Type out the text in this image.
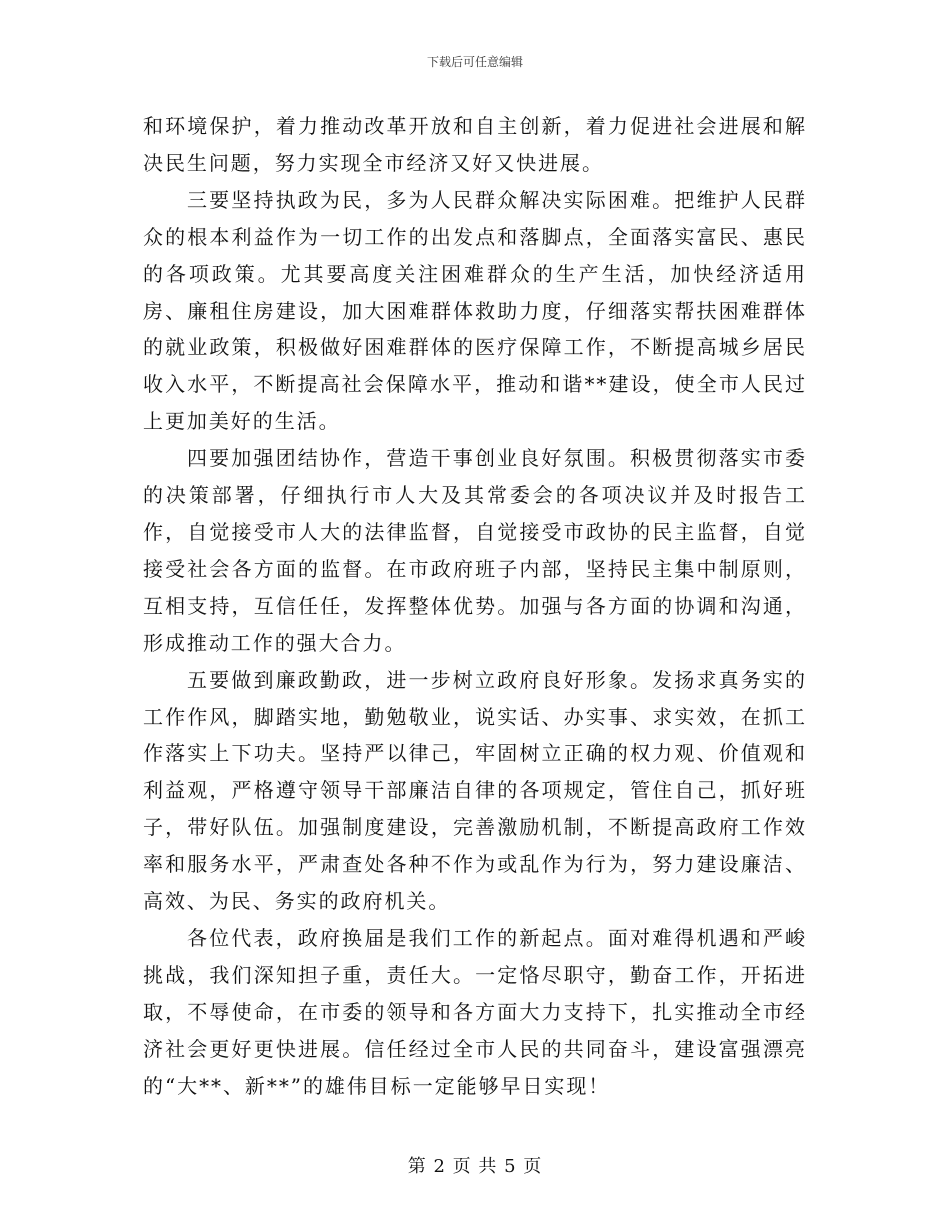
下载后可任意编辑

和环境保护，着力推动改革开放和自主创新，着力促进社会进展和解决民生问题，努力实现全市经济又好又快进展。

三要坚持执政为民，多为人民群众解决实际困难。把维护人民群众的根本利益作为一切工作的出发点和落脚点，全面落实富民、惠民的各项政策。尤其要高度关注困难群众的生产生活，加快经济适用房、廉租住房建设，加大困难群体救助力度，仔细落实帮扶困难群体的就业政策，积极做好困难群体的医疗保障工作，不断提高城乡居民收入水平，不断提高社会保障水平，推动和谐**建设，使全市人民过上更加美好的生活。

四要加强团结协作，营造干事创业良好氛围。积极贯彻落实市委的决策部署，仔细执行市人大及其常委会的各项决议并及时报告工作，自觉接受市人大的法律监督，自觉接受市政协的民主监督，自觉接受社会各方面的监督。在市政府班子内部，坚持民主集中制原则，互相支持，互信任任，发挥整体优势。加强与各方面的协调和沟通，形成推动工作的强大合力。

五要做到廉政勤政，进一步树立政府良好形象。发扬求真务实的工作作风，脚踏实地，勤勉敬业，说实话、办实事、求实效，在抓工作落实上下功夫。坚持严以律己，牢固树立正确的权力观、价值观和利益观，严格遵守领导干部廉洁自律的各项规定，管住自己，抓好班子，带好队伍。加强制度建设，完善激励机制，不断提高政府工作效率和服务水平，严肃查处各种不作为或乱作为行为，努力建设廉洁、高效、为民、务实的政府机关。

各位代表，政府换届是我们工作的新起点。面对难得机遇和严峻挑战，我们深知担子重，责任大。一定恪尽职守，勤奋工作，开拓进取，不辱使命，在市委的领导和各方面大力支持下，扎实推动全市经济社会更好更快进展。信任经过全市人民的共同奋斗，建设富强漂亮的“大**、新**”的雄伟目标一定能够早日实现！

第 2 页 共 5 页
